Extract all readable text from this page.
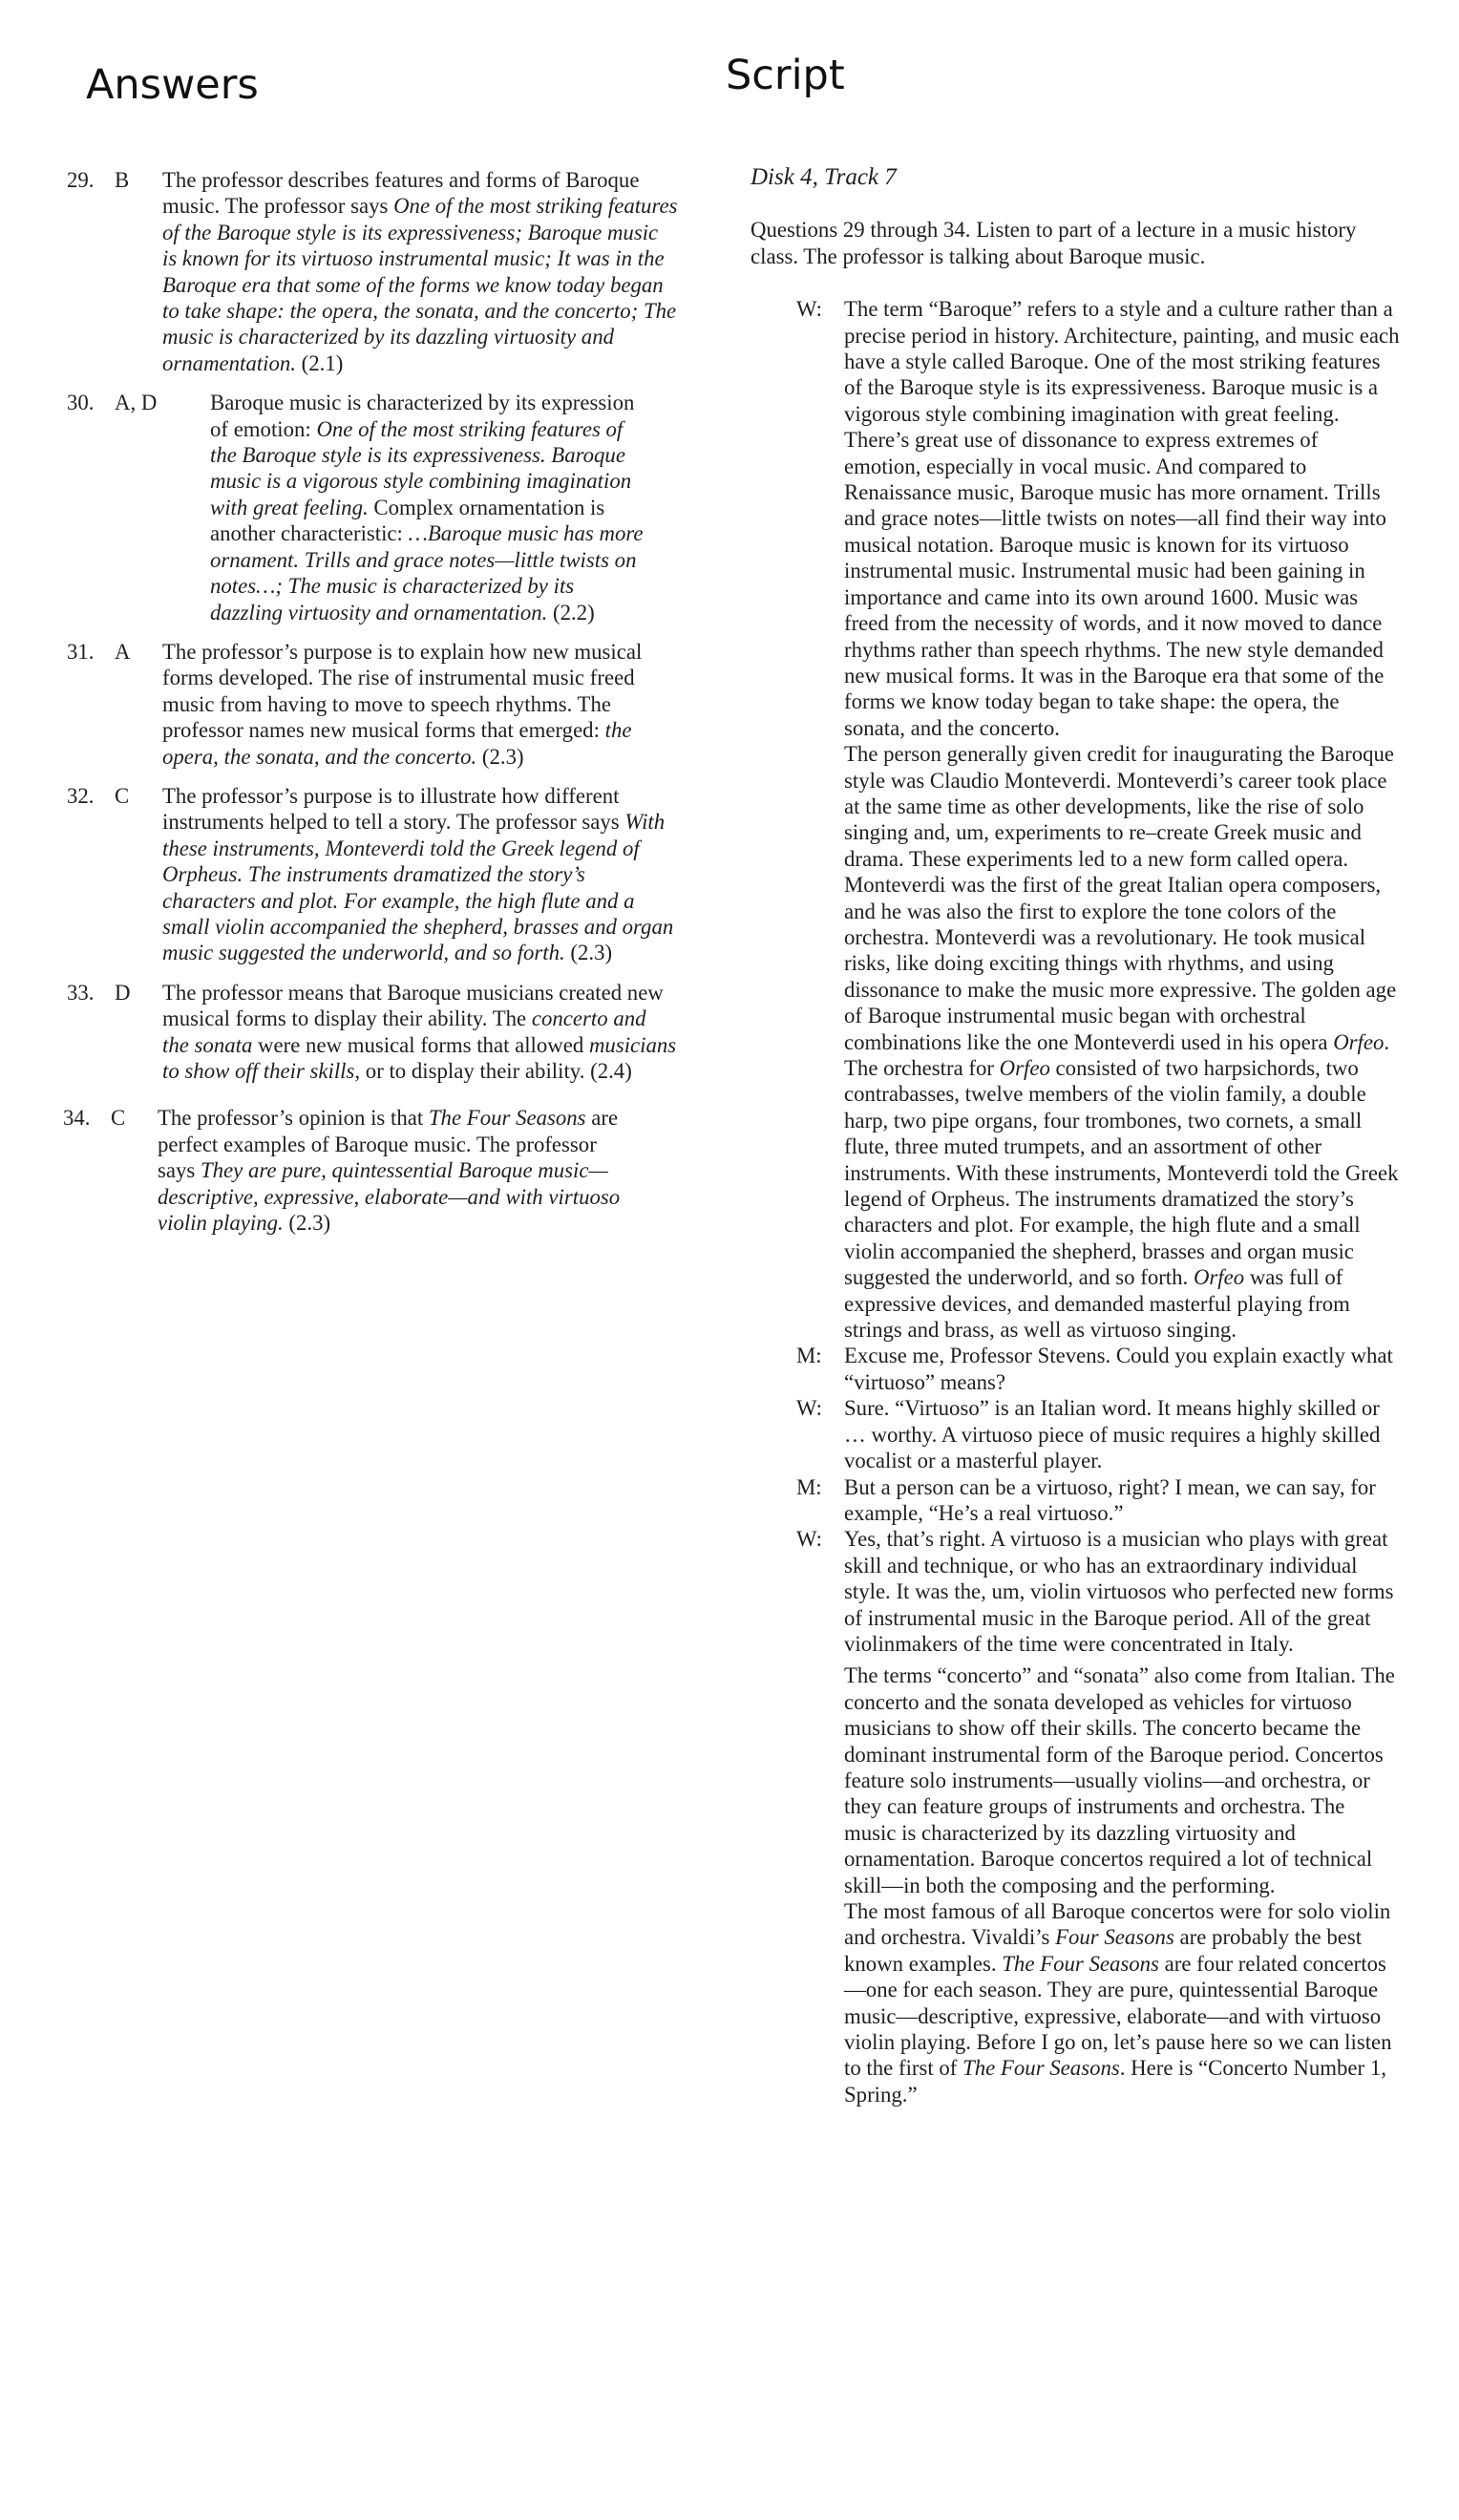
Answers	Script
29. B The professor describes features and forms of Baroque music. The professor says One of the most striking features of the Baroque style is its expressiveness; Baroque music is known for its virtuoso instrumental music; It was in the Baroque era that some of the forms we know today began to take shape: the opera, the sonata, and the concerto; The music is characterized by its dazzling virtuosity and ornamentation. (2.1)

30. A, D Baroque music is characterized by its expression of emotion: One of the most striking features of the Baroque style is its expressiveness. Baroque music is a vigorous style combining imagination with great feeling. Complex ornamentation is another characteristic: …Baroque music has more ornament. Trills and grace notes—little twists on notes…; The music is characterized by its dazzling virtuosity and ornamentation. (2.2)

31. A The professor’s purpose is to explain how new musical forms developed. The rise of instrumental music freed music from having to move to speech rhythms. The professor names new musical forms that emerged: the opera, the sonata, and the concerto. (2.3)

32. C The professor’s purpose is to illustrate how different instruments helped to tell a story. The professor says With these instruments, Monteverdi told the Greek legend of Orpheus. The instruments dramatized the story’s characters and plot. For example, the high flute and a small violin accompanied the shepherd, brasses and organ music suggested the underworld, and so forth. (2.3)

33. D The professor means that Baroque musicians created new musical forms to display their ability. The concerto and the sonata were new musical forms that allowed musicians to show off their skills, or to display their ability. (2.4)

34. C The professor’s opinion is that The Four Seasons are perfect examples of Baroque music. The professor says They are pure, quintessential Baroque music—descriptive, expressive, elaborate—and with virtuoso violin playing. (2.3)

Disk 4, Track 7

Questions 29 through 34. Listen to part of a lecture in a music history class. The professor is talking about Baroque music.

W: The term “Baroque” refers to a style and a culture rather than a precise period in history. Architecture, painting, and music each have a style called Baroque. One of the most striking features of the Baroque style is its expressiveness. Baroque music is a vigorous style combining imagination with great feeling. There’s great use of dissonance to express extremes of emotion, especially in vocal music. And compared to Renaissance music, Baroque music has more ornament. Trills and grace notes—little twists on notes—all find their way into musical notation. Baroque music is known for its virtuoso instrumental music. Instrumental music had been gaining in importance and came into its own around 1600. Music was freed from the necessity of words, and it now moved to dance rhythms rather than speech rhythms. The new style demanded new musical forms. It was in the Baroque era that some of the forms we know today began to take shape: the opera, the sonata, and the concerto.

The person generally given credit for inaugurating the Baroque style was Claudio Monteverdi. Monteverdi’s career took place at the same time as other developments, like the rise of solo singing and, um, experiments to re–create Greek music and drama. These experiments led to a new form called opera. Monteverdi was the first of the great Italian opera composers, and he was also the first to explore the tone colors of the orchestra. Monteverdi was a revolutionary. He took musical risks, like doing exciting things with rhythms, and using dissonance to make the music more expressive. The golden age of Baroque instrumental music began with orchestral combinations like the one Monteverdi used in his opera Orfeo. The orchestra for Orfeo consisted of two harpsichords, two contrabasses, twelve members of the violin family, a double harp, two pipe organs, four trombones, two cornets, a small flute, three muted trumpets, and an assortment of other instruments. With these instruments, Monteverdi told the Greek legend of Orpheus. The instruments dramatized the story’s characters and plot. For example, the high flute and a small violin accompanied the shepherd, brasses and organ music suggested the underworld, and so forth. Orfeo was full of expressive devices, and demanded masterful playing from strings and brass, as well as virtuoso singing.

M: Excuse me, Professor Stevens. Could you explain exactly what “virtuoso” means?

W: Sure. “Virtuoso” is an Italian word. It means highly skilled or … worthy. A virtuoso piece of music requires a highly skilled vocalist or a masterful player.

M: But a person can be a virtuoso, right? I mean, we can say, for example, “He’s a real virtuoso.”

W: Yes, that’s right. A virtuoso is a musician who plays with great skill and technique, or who has an extraordinary individual style. It was the, um, violin virtuosos who perfected new forms of instrumental music in the Baroque period. All of the great violinmakers of the time were concentrated in Italy.

The terms “concerto” and “sonata” also come from Italian. The concerto and the sonata developed as vehicles for virtuoso musicians to show off their skills. The concerto became the dominant instrumental form of the Baroque period. Concertos feature solo instruments—usually violins—and orchestra, or they can feature groups of instruments and orchestra. The music is characterized by its dazzling virtuosity and ornamentation. Baroque concertos required a lot of technical skill—in both the composing and the performing.

The most famous of all Baroque concertos were for solo violin and orchestra. Vivaldi’s Four Seasons are probably the best known examples. The Four Seasons are four related concertos—one for each season. They are pure, quintessential Baroque music—descriptive, expressive, elaborate—and with virtuoso violin playing. Before I go on, let’s pause here so we can listen to the first of The Four Seasons. Here is “Concerto Number 1, Spring.”
